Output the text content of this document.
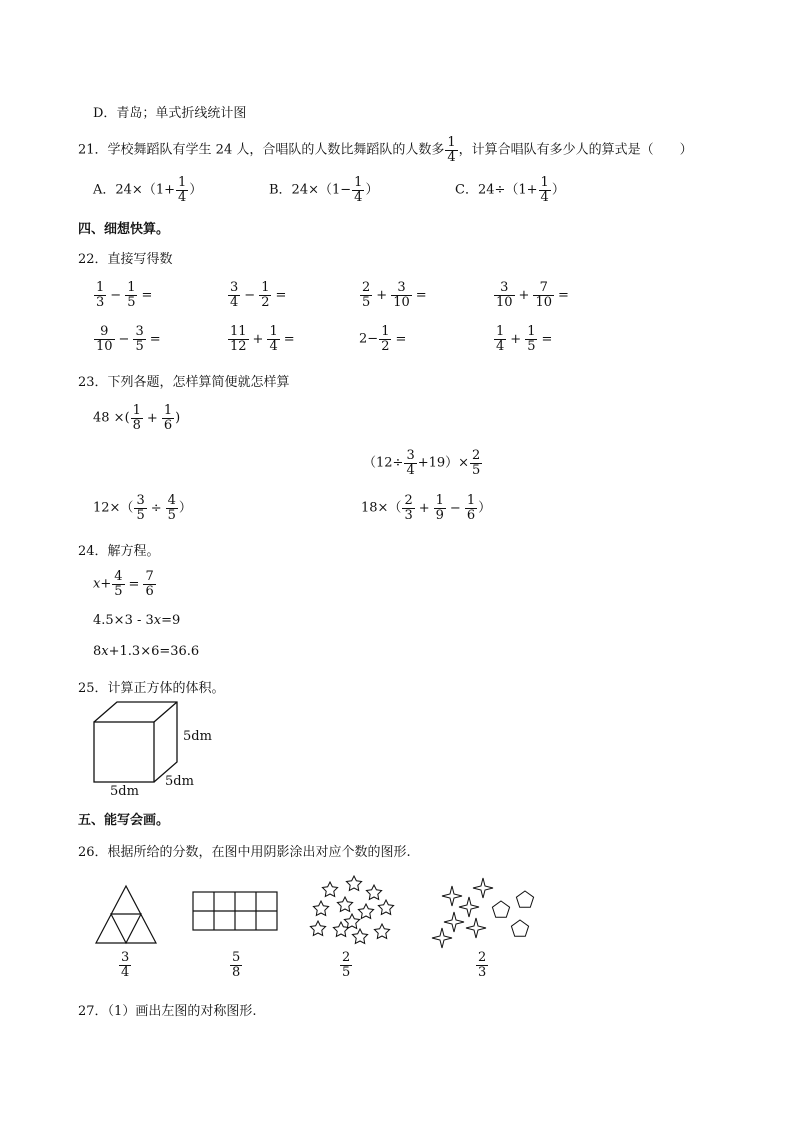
D．青岛；单式折线统计图
21．学校舞蹈队有学生 24 人，合唱队的人数比舞蹈队的人数多 $\frac{1}{4}$ ，计算合唱队有多少人的算式是（　　）
A．$24\times(1+ \frac{1}{4}$ ）	B．$24\times(1- \frac{1}{4}$ ）	C．$24\div(1+ \frac{1}{4}$ ）
四、细想快算。
22．直接写得数
$\frac{1}{3} - \frac{1}{5}$ =	$\frac{3}{4} - \frac{1}{2}$ =	$\frac{2}{5} + \frac{3}{10}$ =	$\frac{3}{10} + \frac{7}{10}$ =
$\frac{9}{10} - \frac{3}{5}$ =	$\frac{11}{12} + \frac{1}{4}$ =	$2- \frac{1}{2}$ =	$\frac{1}{4} + \frac{1}{5}$ =
23．下列各题，怎样算简便就怎样算
48 ×( $\frac{1}{8} + \frac{1}{6}$ )
$(12\div \frac{3}{4} +19)\times \frac{2}{5}$
$12\times( \frac{3}{5} \div \frac{4}{5}$ ）	$18\times( \frac{2}{3} + \frac{1}{9} - \frac{1}{6}$ ）
24．解方程。
$x+ \frac{4}{5} = \frac{7}{6}$
4.5×3 - 3x=9
8x+1.3×6=36.6
25．计算正方体的体积。
5dm
5dm
5dm
五、能写会画。
26．根据所给的分数，在图中用阴影涂出对应个数的图形.
$\frac{3}{4}$	$\frac{5}{8}$	$\frac{2}{5}$	$\frac{2}{3}$
27．（1）画出左图的对称图形.
